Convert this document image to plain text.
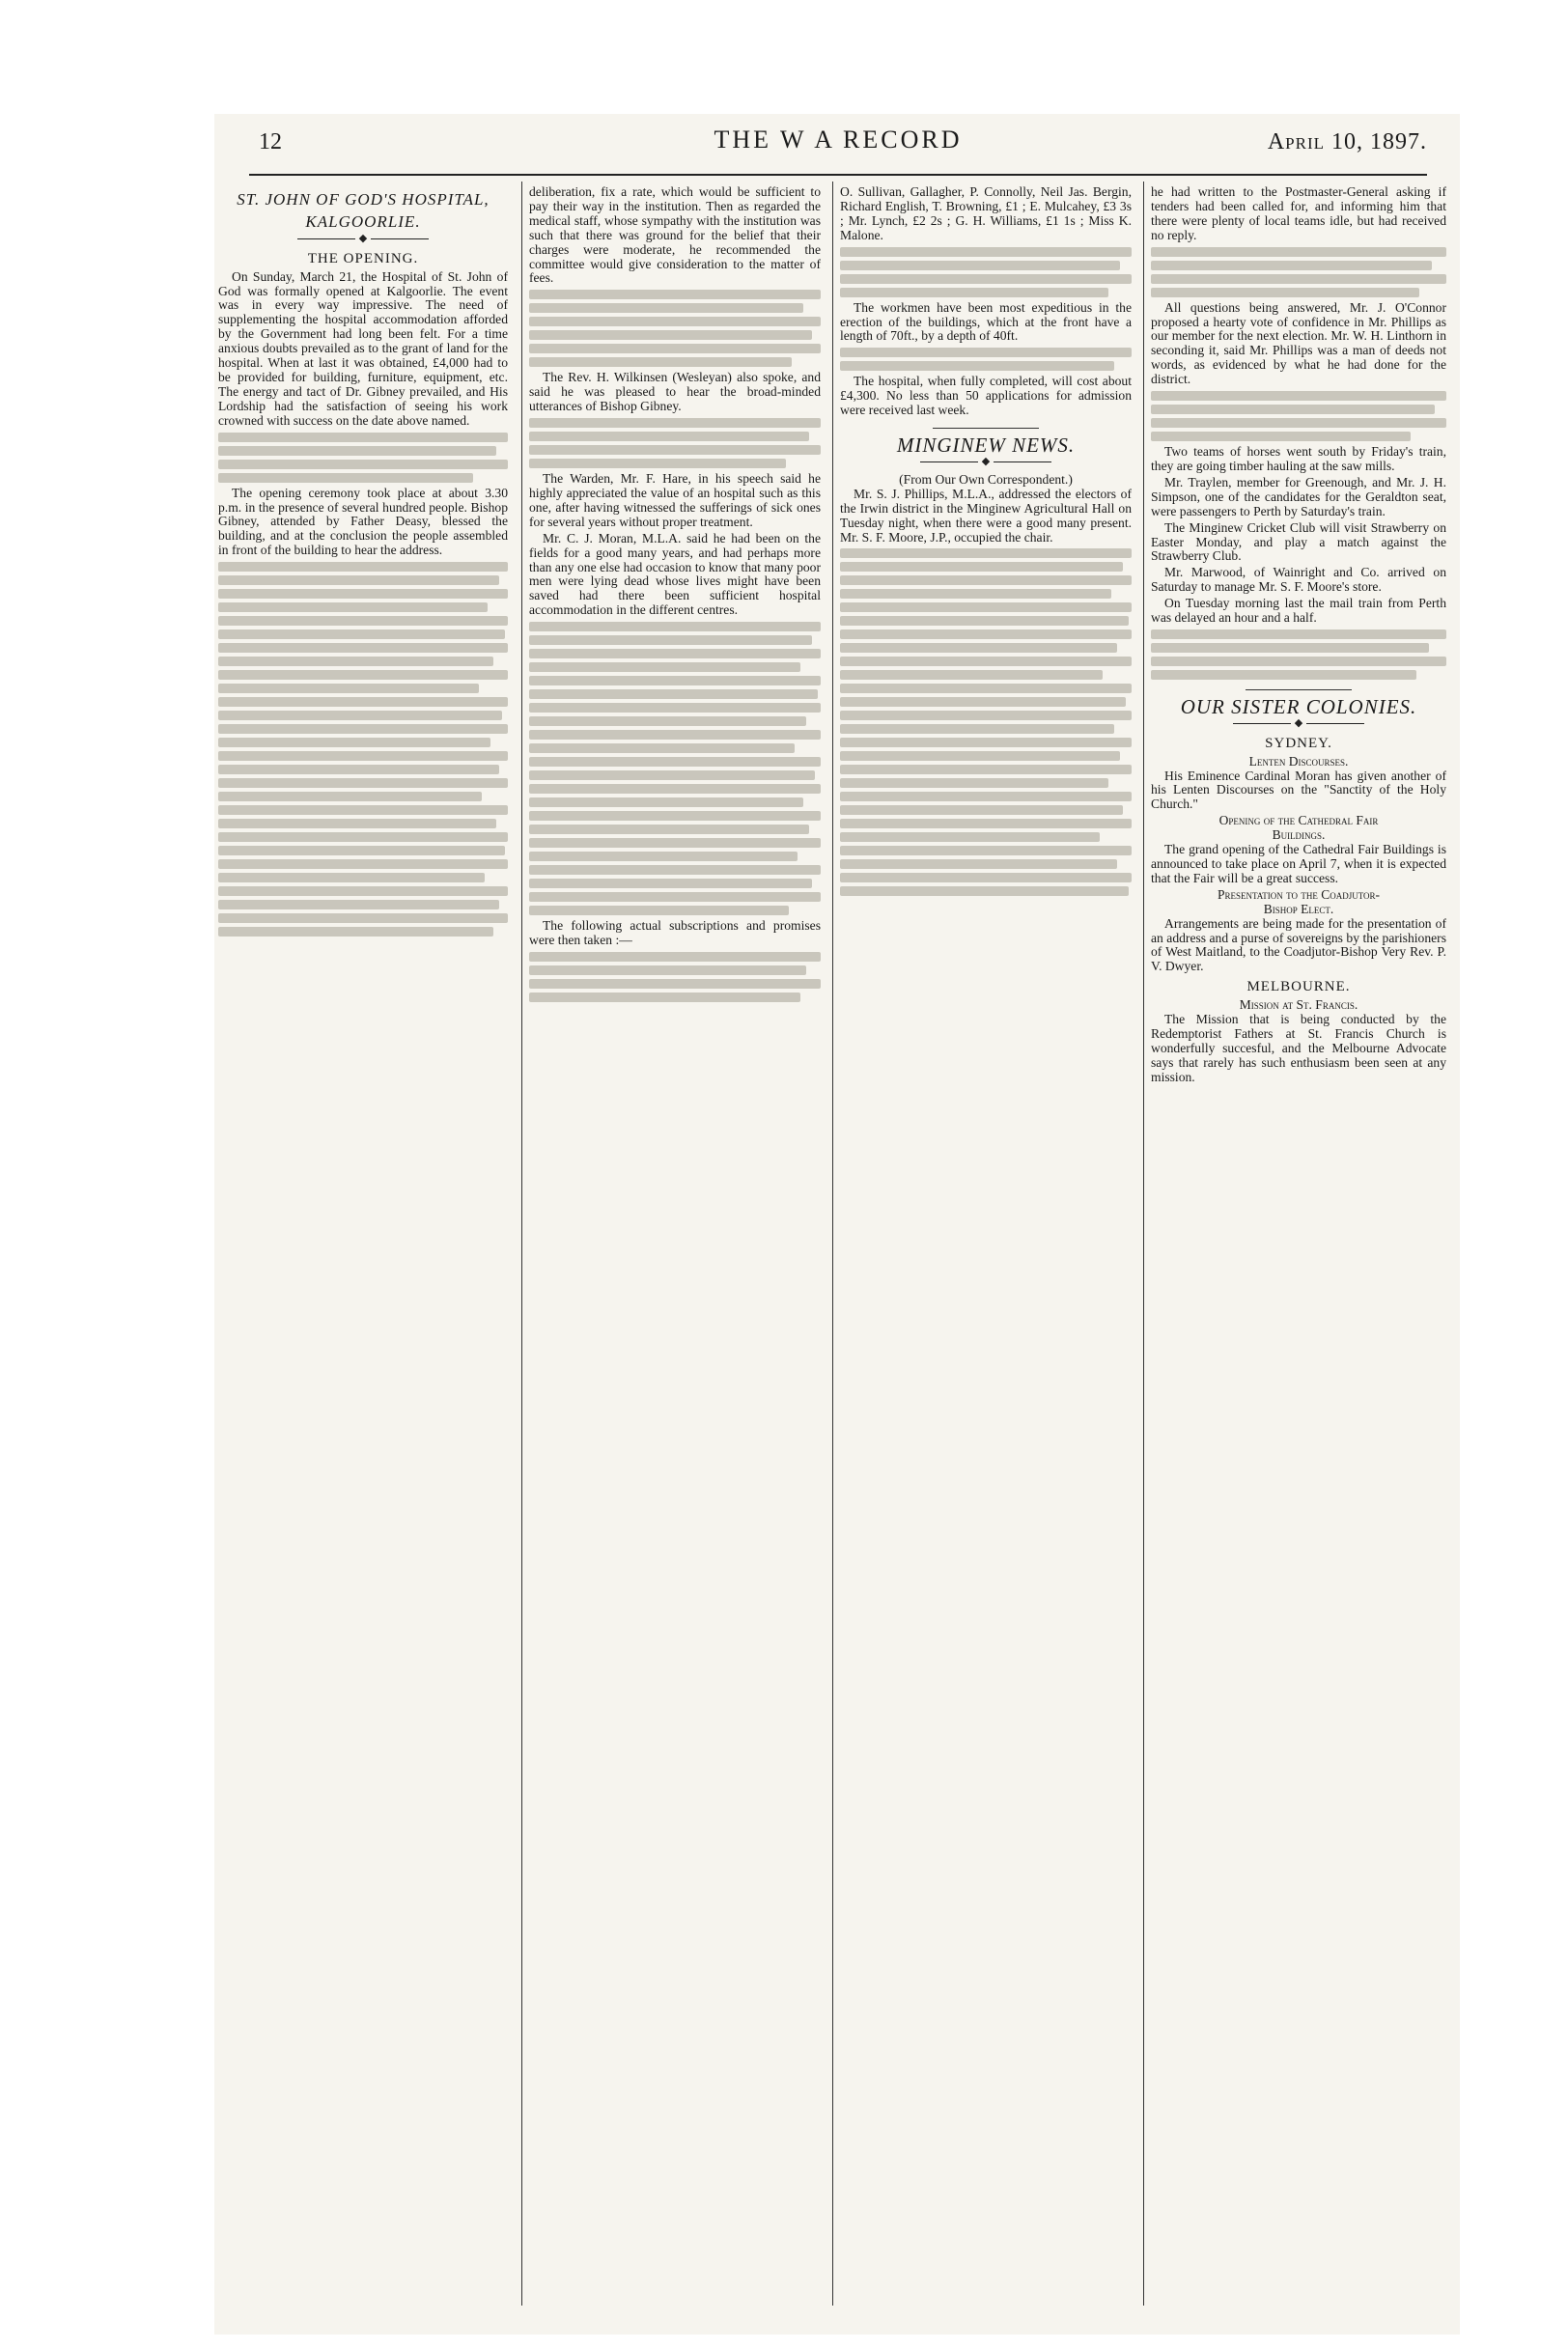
12	THE W A RECORD	April 10, 1897.
ST. JOHN OF GOD'S HOSPITAL,
KALGOORLIE.
◆
THE OPENING.

On Sunday, March 21, the Hospital of St. John of God was formally opened at Kalgoorlie. The event was in every way impressive. The need of supplementing the hospital accommodation afforded by the Government had long been felt. For a time anxious doubts prevailed as to the grant of land for the hospital. When at last it was obtained, £4,000 had to be provided for building, furniture, equipment, etc. The energy and tact of Dr. Gibney prevailed, and His Lordship had the satisfaction of seeing his work crowned with success on the date above named.

The opening ceremony took place at about 3.30 p.m. in the presence of several hundred people. Bishop Gibney, attended by Father Deasy, blessed the building, and at the conclusion the people assembled in front of the building to hear the address.

deliberation, fix a rate, which would be sufficient to pay their way in the institution. Then as regarded the medical staff, whose sympathy with the institution was such that there was ground for the belief that their charges were moderate, he recommended the committee would give consideration to the matter of fees.

The Rev. H. Wilkinsen (Wesleyan) also spoke, and said he was pleased to hear the broad-minded utterances of Bishop Gibney.

The Warden, Mr. F. Hare, in his speech said he highly appreciated the value of an hospital such as this one, after having witnessed the sufferings of sick ones for several years without proper treatment.

Mr. C. J. Moran, M.L.A. said he had been on the fields for a good many years, and had perhaps more than any one else had occasion to know that many poor men were lying dead whose lives might have been saved had there been sufficient hospital accommodation in the different centres.

The following actual subscriptions and promises were then taken :—

O. Sullivan, Gallagher, P. Connolly, Neil Jas. Bergin, Richard English, T. Browning, £1 ; E. Mulcahey, £3 3s ; Mr. Lynch, £2 2s ; G. H. Williams, £1 1s ; Miss K. Malone.

The workmen have been most expeditious in the erection of the buildings, which at the front have a length of 70ft., by a depth of 40ft.

The hospital, when fully completed, will cost about £4,300. No less than 50 applications for admission were received last week.

MINGINEW NEWS.
◆
(From Our Own Correspondent.)

Mr. S. J. Phillips, M.L.A., addressed the electors of the Irwin district in the Minginew Agricultural Hall on Tuesday night, when there were a good many present. Mr. S. F. Moore, J.P., occupied the chair.

he had written to the Postmaster-General asking if tenders had been called for, and informing him that there were plenty of local teams idle, but had received no reply.

All questions being answered, Mr. J. O'Connor proposed a hearty vote of confidence in Mr. Phillips as our member for the next election. Mr. W. H. Linthorn in seconding it, said Mr. Phillips was a man of deeds not words, as evidenced by what he had done for the district.

Two teams of horses went south by Friday's train, they are going timber hauling at the saw mills.

Mr. Traylen, member for Greenough, and Mr. J. H. Simpson, one of the candidates for the Geraldton seat, were passengers to Perth by Saturday's train.

The Minginew Cricket Club will visit Strawberry on Easter Monday, and play a match against the Strawberry Club.

Mr. Marwood, of Wainright and Co. arrived on Saturday to manage Mr. S. F. Moore's store.

On Tuesday morning last the mail train from Perth was delayed an hour and a half.

OUR SISTER COLONIES.
◆
SYDNEY.
Lenten Discourses.

His Eminence Cardinal Moran has given another of his Lenten Discourses on the "Sanctity of the Holy Church."

Opening of the Cathedral Fair
Buildings.

The grand opening of the Cathedral Fair Buildings is announced to take place on April 7, when it is expected that the Fair will be a great success.

Presentation to the Coadjutor-
Bishop Elect.

Arrangements are being made for the presentation of an address and a purse of sovereigns by the parishioners of West Maitland, to the Coadjutor-Bishop Very Rev. P. V. Dwyer.

MELBOURNE.
Mission at St. Francis.

The Mission that is being conducted by the Redemptorist Fathers at St. Francis Church is wonderfully succesful, and the Melbourne Advocate says that rarely has such enthusiasm been seen at any mission.
